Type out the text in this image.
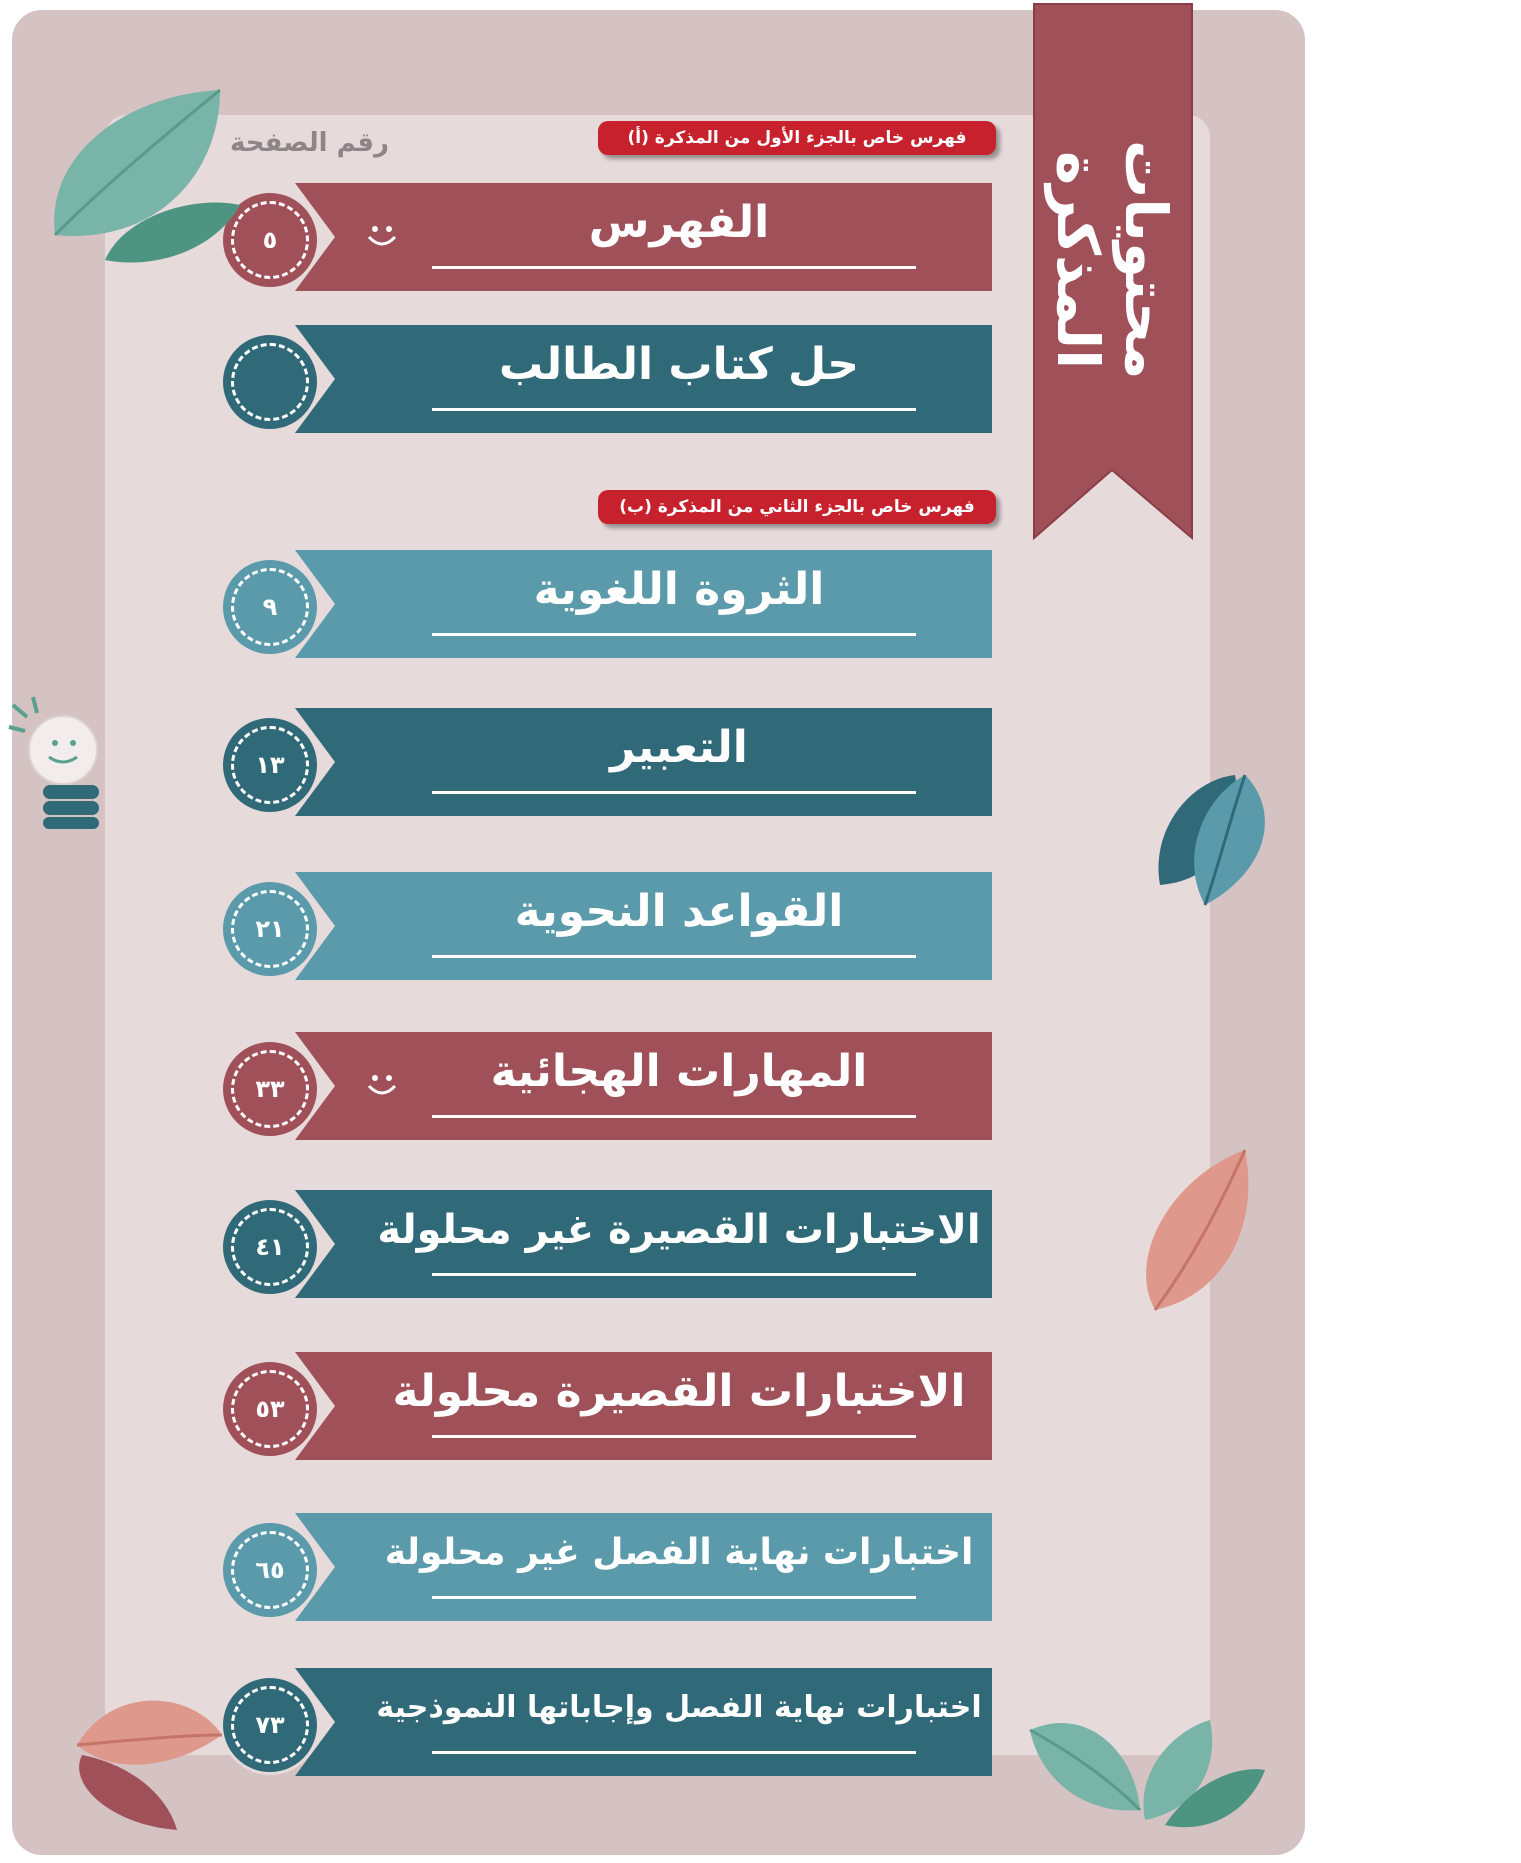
محتويات المذكرة
رقم الصفحة	فهرس خاص بالجزء الأول من المذكرة (أ)
فهرس خاص بالجزء الثاني من المذكرة (ب)
٥	الفهرس
حل كتاب الطالب
٩	الثروة اللغوية
١٣	التعبير
٢١	القواعد النحوية
٣٣	المهارات الهجائية
٤١	الاختبارات القصيرة غير محلولة
٥٣	الاختبارات القصيرة محلولة
٦٥	اختبارات نهاية الفصل غير محلولة
٧٣	اختبارات نهاية الفصل وإجاباتها النموذجية
